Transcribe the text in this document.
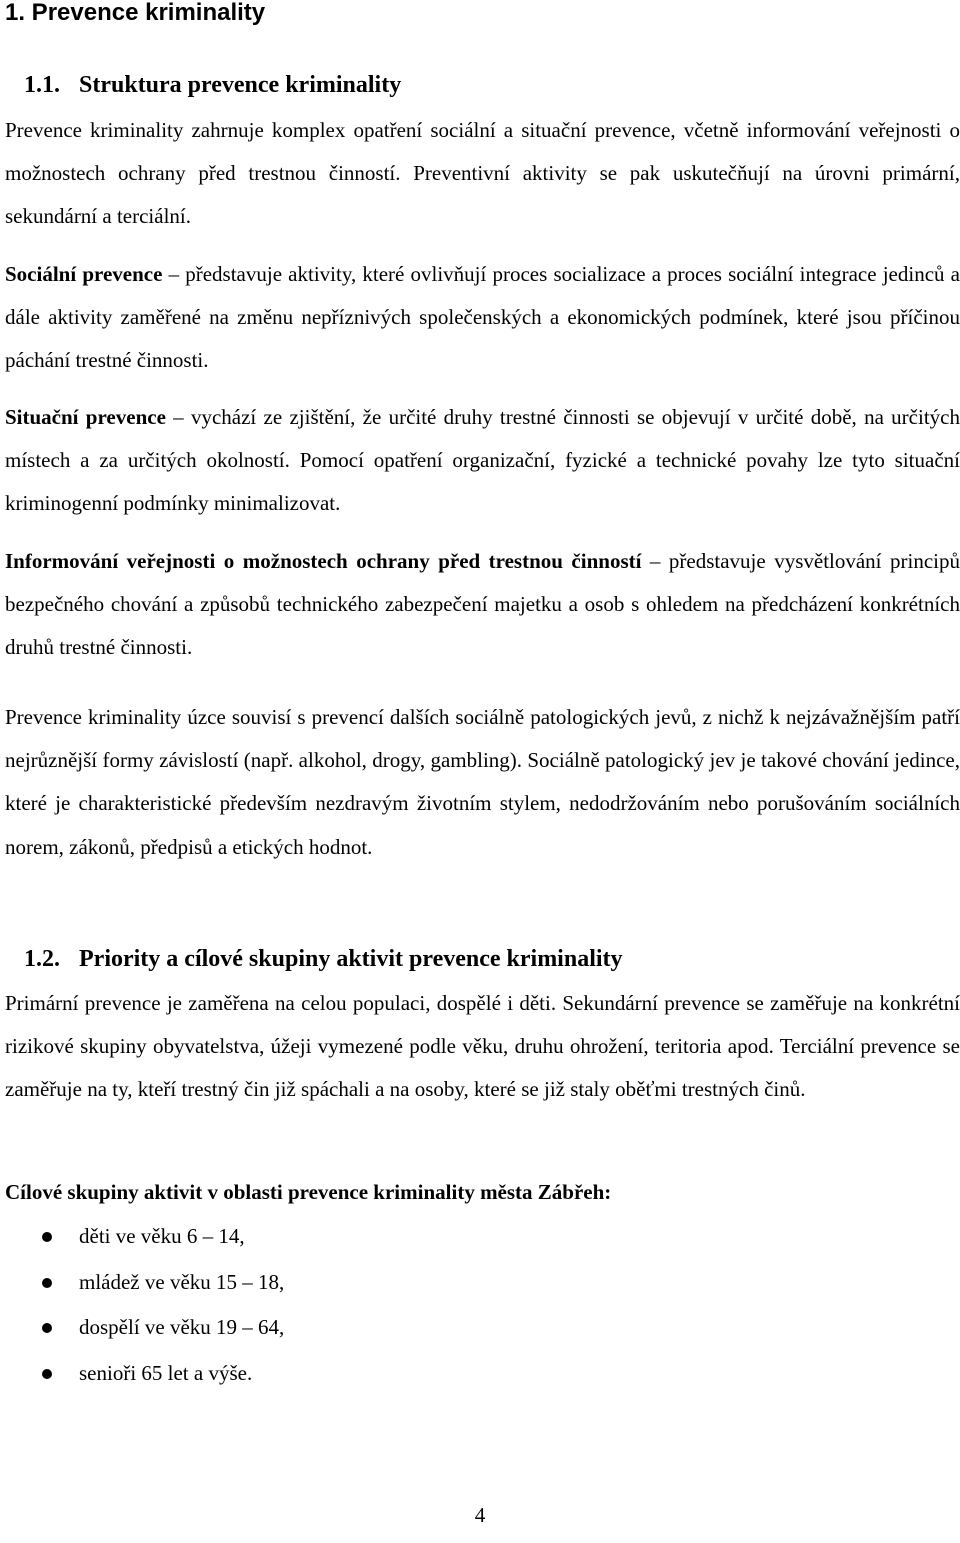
1. Prevence kriminality
1.1. Struktura prevence kriminality

Prevence kriminality zahrnuje komplex opatření sociální a situační prevence, včetně informování veřejnosti o možnostech ochrany před trestnou činností. Preventivní aktivity se pak uskutečňují na úrovni primární, sekundární a terciální.

Sociální prevence – představuje aktivity, které ovlivňují proces socializace a proces sociální integrace jedinců a dále aktivity zaměřené na změnu nepříznivých společenských a ekonomických podmínek, které jsou příčinou páchání trestné činnosti.

Situační prevence – vychází ze zjištění, že určité druhy trestné činnosti se objevují v určité době, na určitých místech a za určitých okolností. Pomocí opatření organizační, fyzické a technické povahy lze tyto situační kriminogenní podmínky minimalizovat.

Informování veřejnosti o možnostech ochrany před trestnou činností – představuje vysvětlování principů bezpečného chování a způsobů technického zabezpečení majetku a osob s ohledem na předcházení konkrétních druhů trestné činnosti.

Prevence kriminality úzce souvisí s prevencí dalších sociálně patologických jevů, z nichž k nejzávažnějším patří nejrůznější formy závislostí (např. alkohol, drogy, gambling). Sociálně patologický jev je takové chování jedince, které je charakteristické především nezdravým životním stylem, nedodržováním nebo porušováním sociálních norem, zákonů, předpisů a etických hodnot.

1.2. Priority a cílové skupiny aktivit prevence kriminality

Primární prevence je zaměřena na celou populaci, dospělé i děti. Sekundární prevence se zaměřuje na konkrétní rizikové skupiny obyvatelstva, úžeji vymezené podle věku, druhu ohrožení, teritoria apod. Terciální prevence se zaměřuje na ty, kteří trestný čin již spáchali a na osoby, které se již staly oběťmi trestných činů.

Cílové skupiny aktivit v oblasti prevence kriminality města Zábřeh:

děti ve věku 6 – 14,
mládež ve věku 15 – 18,
dospělí ve věku 19 – 64,
senioři 65 let a výše.
4
